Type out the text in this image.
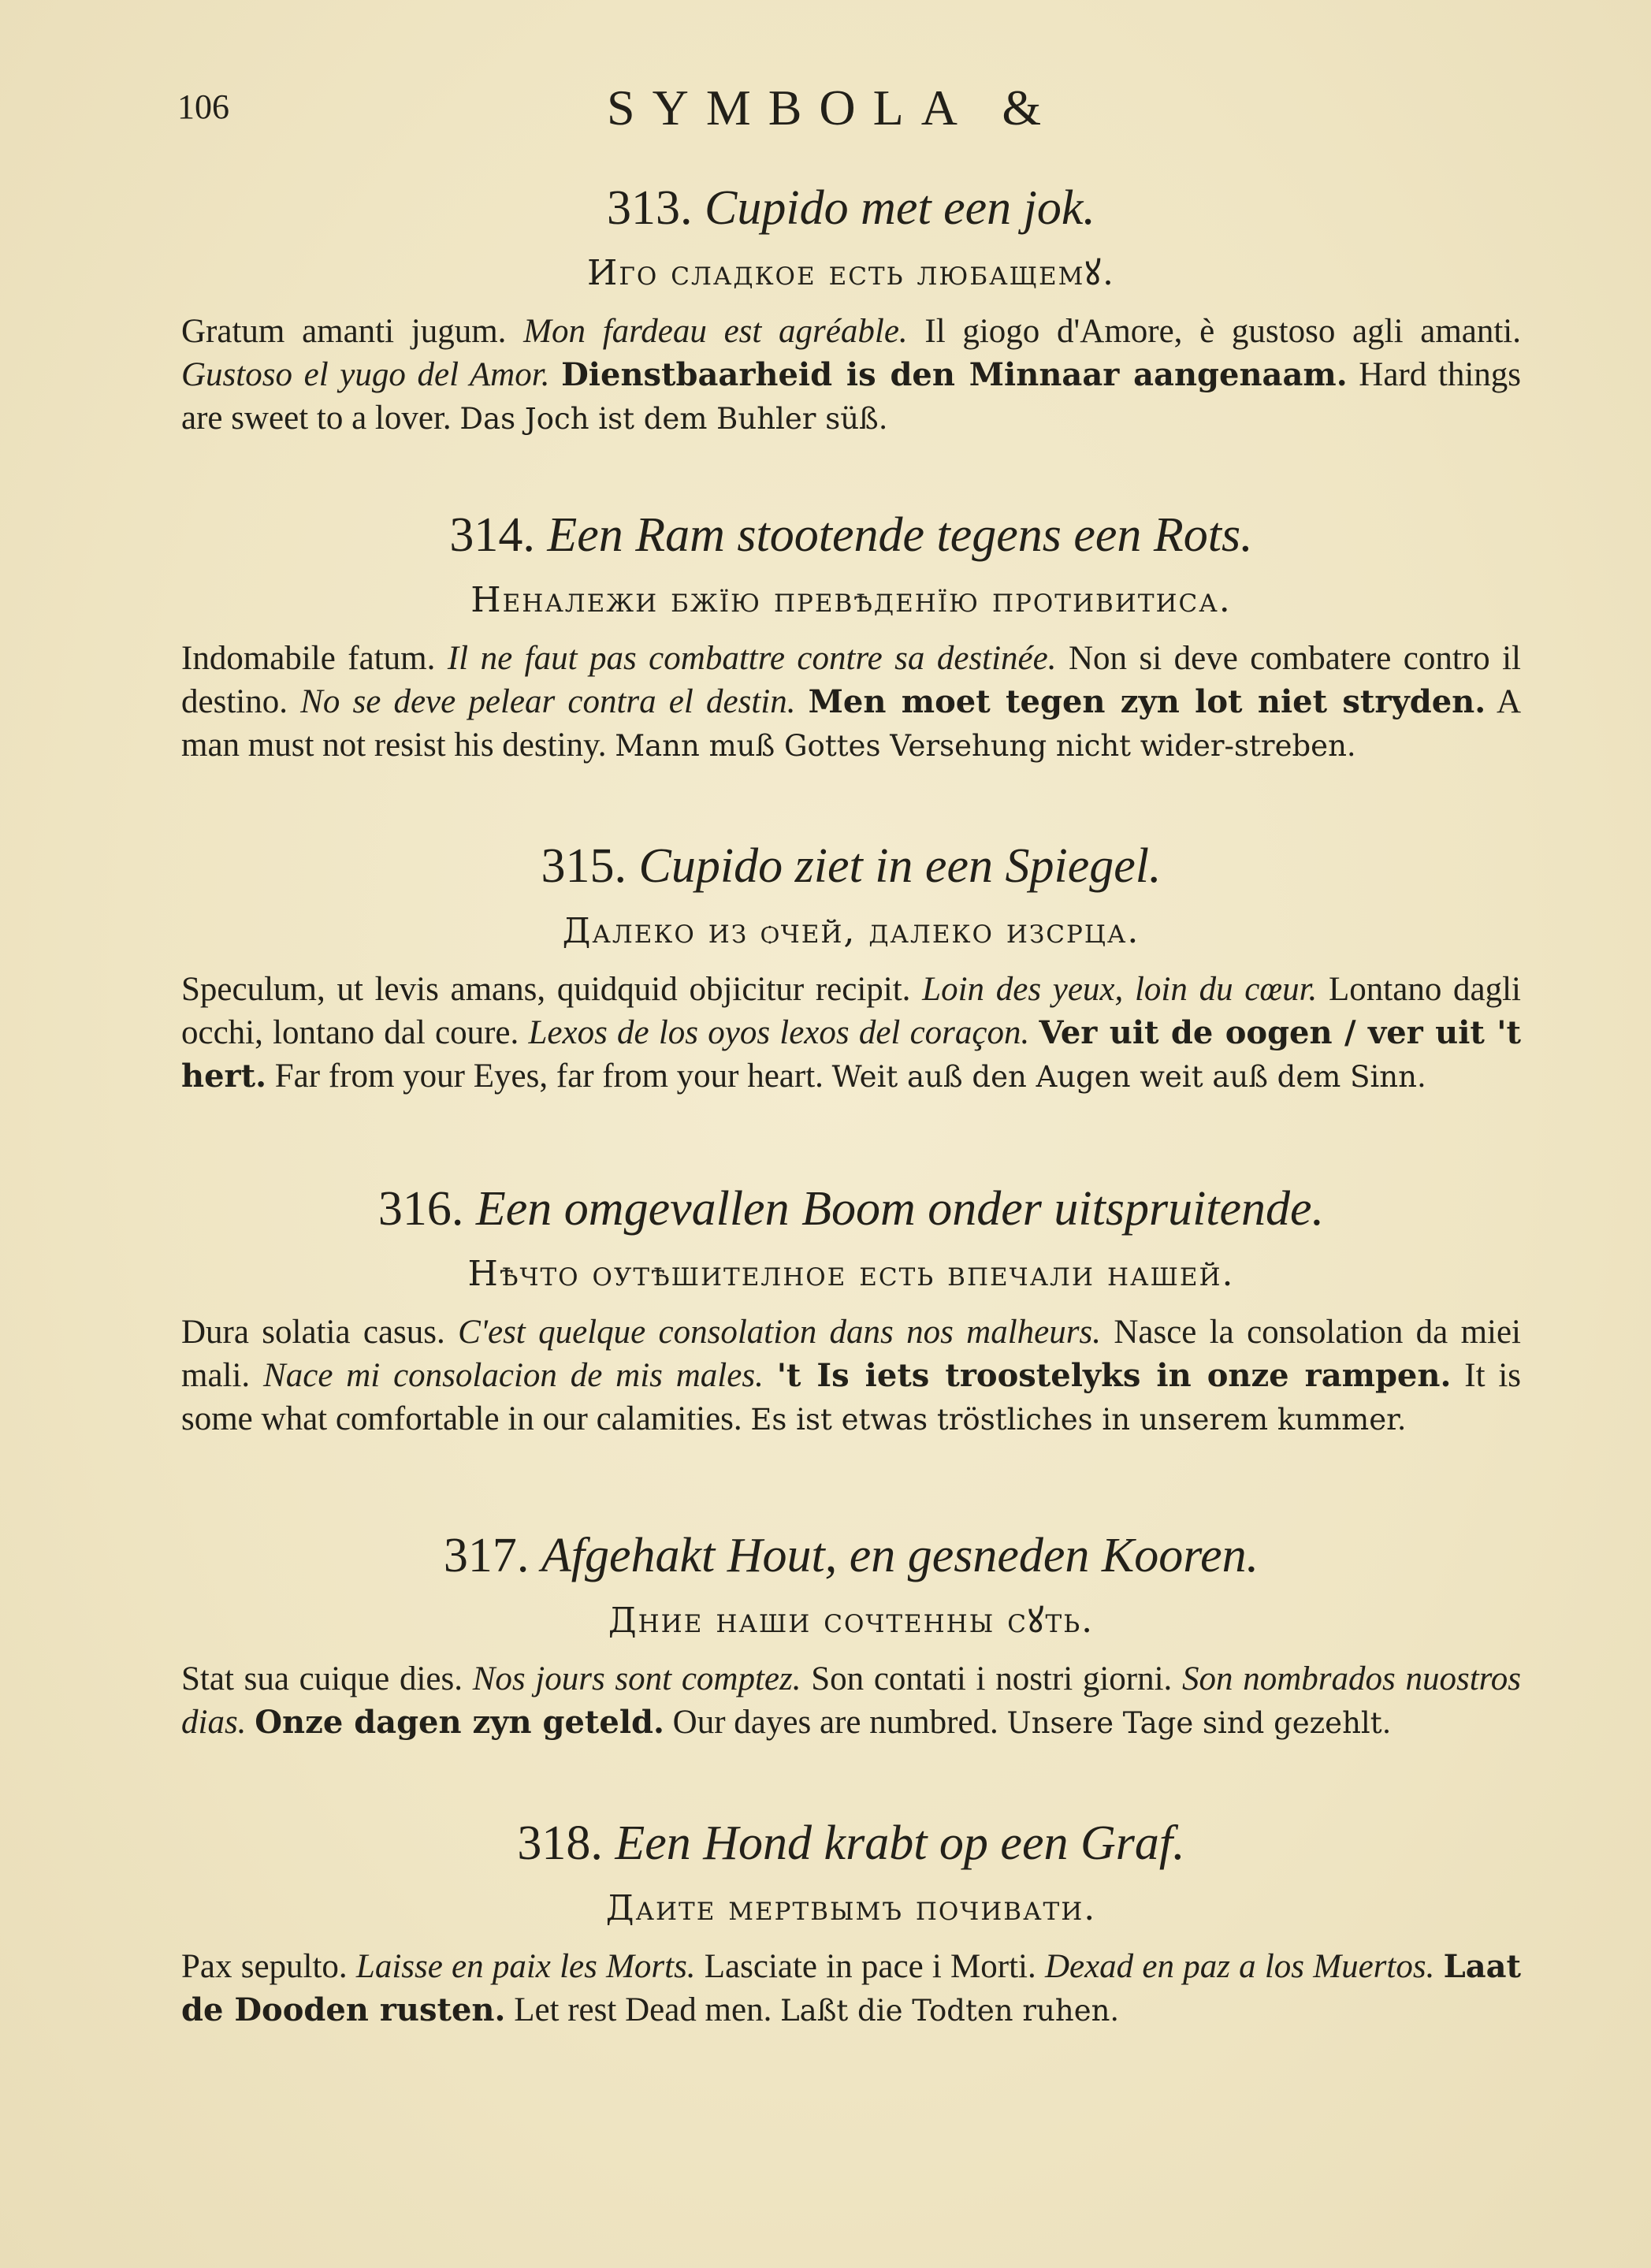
106	SYMBOLA &
313. Cupido met een jok.
Иго сладкое есть любащемꙋ.

Gratum amanti jugum. Mon fardeau est agréable. Il giogo d'Amore, è gustoso agli amanti. Gustoso el yugo del Amor. Dienstbaarheid is den Minnaar aangenaam. Hard things are sweet to a lover. Das Joch ist dem Buhler süß.

314. Een Ram stootende tegens een Rots.
Неналежи бжїю превѣденїю противитиса.

Indomabile fatum. Il ne faut pas combattre contre sa destinée. Non si deve combatere contro il destino. No se deve pelear contra el destin. Men moet tegen zyn lot niet stryden. A man must not resist his destiny. Mann muß Gottes Versehung nicht wider-streben.

315. Cupido ziet in een Spiegel.
Далеко из ѻчей, далеко изсрца.

Speculum, ut levis amans, quidquid objicitur recipit. Loin des yeux, loin du cœur. Lontano dagli occhi, lontano dal coure. Lexos de los oyos lexos del coraçon. Ver uit de oogen / ver uit 't hert. Far from your Eyes, far from your heart. Weit auß den Augen weit auß dem Sinn.

316. Een omgevallen Boom onder uitspruitende.
Нѣчто оутѣшителное есть впечали нашей.

Dura solatia casus. C'est quelque consolation dans nos malheurs. Nasce la consolation da miei mali. Nace mi consolacion de mis males. 't Is iets troostelyks in onze rampen. It is some what comfortable in our calamities. Es ist etwas tröstliches in unserem kummer.

317. Afgehakt Hout, en gesneden Kooren.
Дние наши сочтенны сꙋть.

Stat sua cuique dies. Nos jours sont comptez. Son contati i nostri giorni. Son nombrados nuostros dias. Onze dagen zyn geteld. Our dayes are numbred. Unsere Tage sind gezehlt.

318. Een Hond krabt op een Graf.
Даите мертвымъ почивати.

Pax sepulto. Laisse en paix les Morts. Lasciate in pace i Morti. Dexad en paz a los Muertos. Laat de Dooden rusten. Let rest Dead men. Laßt die Todten ruhen.
